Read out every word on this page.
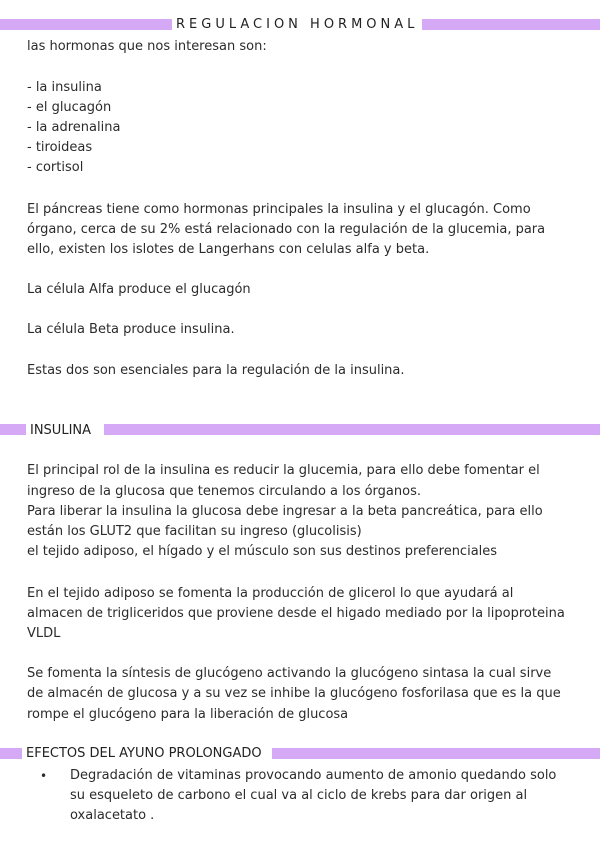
REGULACION HORMONAL
las hormonas que nos interesan son:
- la insulina
- el glucagón
- la adrenalina
- tiroideas
- cortisol
El páncreas tiene como hormonas principales la insulina y el glucagón. Como
órgano, cerca de su 2% está relacionado con la regulación de la glucemia, para
ello, existen los islotes de Langerhans con celulas alfa y beta.
La célula Alfa produce el glucagón
La célula Beta produce insulina.
Estas dos son esenciales para la regulación de la insulina.
INSULINA
El principal rol de la insulina es reducir la glucemia, para ello debe fomentar el
ingreso de la glucosa que tenemos circulando a los órganos.
Para liberar la insulina la glucosa debe ingresar a la beta pancreática, para ello
están los GLUT2 que facilitan su ingreso (glucolisis)
el tejido adiposo, el hígado y el músculo son sus destinos preferenciales
En el tejido adiposo se fomenta la producción de glicerol lo que ayudará al
almacen de trigliceridos que proviene desde el higado mediado por la lipoproteina
VLDL
Se fomenta la síntesis de glucógeno activando la glucógeno sintasa la cual sirve
de almacén de glucosa y a su vez se inhibe la glucógeno fosforilasa que es la que
rompe el glucógeno para la liberación de glucosa
EFECTOS DEL AYUNO PROLONGADO
• Degradación de vitaminas provocando aumento de amonio quedando solo
su esqueleto de carbono el cual va al ciclo de krebs para dar origen al
oxalacetato .
